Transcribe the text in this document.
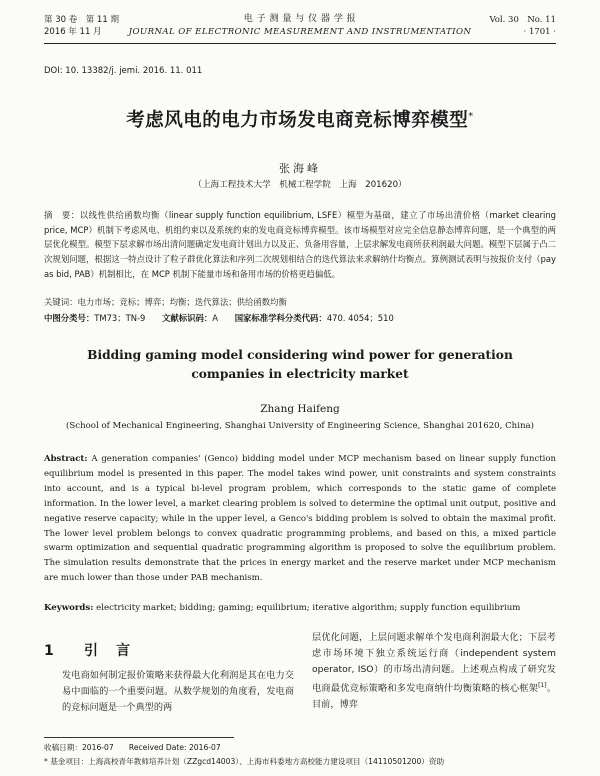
第 30 卷　第 11 期
2016 年 11 月
电 子 测 量 与 仪 器 学 报
JOURNAL OF ELECTRONIC MEASUREMENT AND INSTRUMENTATION
Vol. 30　No. 11
· 1701 ·
DOI: 10. 13382/j. jemi. 2016. 11. 011
考虑风电的电力市场发电商竞标博弈模型*
张海峰
（上海工程技术大学　机械工程学院　上海　201620）
摘　要：以线性供给函数均衡（linear supply function equilibrium, LSFE）模型为基础，建立了市场出清价格（market clearing price, MCP）机制下考虑风电、机组约束以及系统约束的发电商竞标博弈模型。该市场模型对应完全信息静态博弈问题，是一个典型的两层优化模型。模型下层求解市场出清问题确定发电商计划出力以及正、负备用容量，上层求解发电商所获利润最大问题。模型下层属于凸二次规划问题，根据这一特点设计了粒子群优化算法和序列二次规划相结合的迭代算法来求解纳什均衡点。算例测试表明与按报价支付（pay as bid, PAB）机制相比，在 MCP 机制下能量市场和备用市场的价格更趋偏低。
关键词：电力市场；竞标；博弈；均衡；迭代算法；供给函数均衡
中图分类号：TM73；TN-9 文献标识码：A 国家标准学科分类代码：470. 4054；510
Bidding gaming model considering wind power for generation
companies in electricity market
Zhang Haifeng
(School of Mechanical Engineering, Shanghai University of Engineering Science, Shanghai 201620, China)
Abstract: A generation companies' (Genco) bidding model under MCP mechanism based on linear supply function equilibrium model is presented in this paper. The model takes wind power, unit constraints and system constraints into account, and is a typical bi-level program problem, which corresponds to the static game of complete information. In the lower level, a market clearing problem is solved to determine the optimal unit output, positive and negative reserve capacity; while in the upper level, a Genco's bidding problem is solved to obtain the maximal profit. The lower level problem belongs to convex quadratic programming problems, and based on this, a mixed particle swarm optimization and sequential quadratic programming algorithm is proposed to solve the equilibrium problem. The simulation results demonstrate that the prices in energy market and the reserve market under MCP mechanism are much lower than those under PAB mechanism.
Keywords: electricity market; bidding; gaming; equilibrium; iterative algorithm; supply function equilibrium
1 引言
发电商如何制定报价策略来获得最大化利润是其在电力交易中面临的一个重要问题。从数学规划的角度看，发电商的竞标问题是一个典型的两
层优化问题，上层问题求解单个发电商利润最大化；下层考虑市场环境下独立系统运行商（independent system operator, ISO）的市场出清问题。上述观点构成了研究发电商最优竞标策略和多发电商纳什均衡策略的核心框架[1]。目前，博弈
收稿日期：2016-07　　Received Date: 2016-07
* 基金项目：上海高校青年教师培养计划（ZZgcd14003）、上海市科委地方高校能力建设项目（14110501200）资助
